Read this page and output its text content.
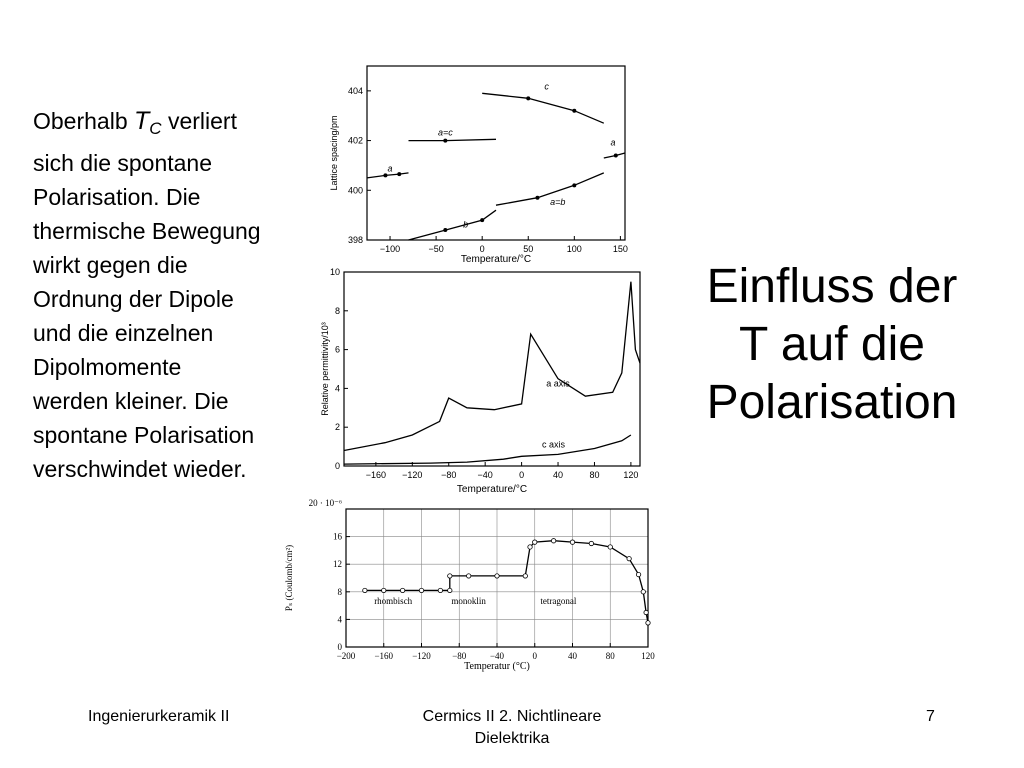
Oberhalb $T_C$ verliert sich die spontane Polarisation. Die thermische Bewegung wirkt gegen die Ordnung der Dipole und die einzelnen Dipolmomente werden kleiner. Die spontane Polarisation verschwindet wieder.
Einfluss der
T auf die
Polarisation
−100	−50	0	50	100	150
398
400
402
404
Temperature/°C
Lattice spacing/pm	a
a=c
c
a=b
b
a
−160 −120 −80 −40	0	40	80	120
0
2
4
6
8
10
Temperature/°C
Relative permittivity/10³	a axis
c axis
−200 −160 −120 −80	−40	0	40	80	120
0
4
8
12
16
20 · 10⁻⁶
Temperatur (°C)
Pₛ (Coulomb/cm²)	rhombisch	monoklin	tetragonal
Ingenierurkeramik II	Cermics II 2. Nichtlineare
Dielektrika
7
